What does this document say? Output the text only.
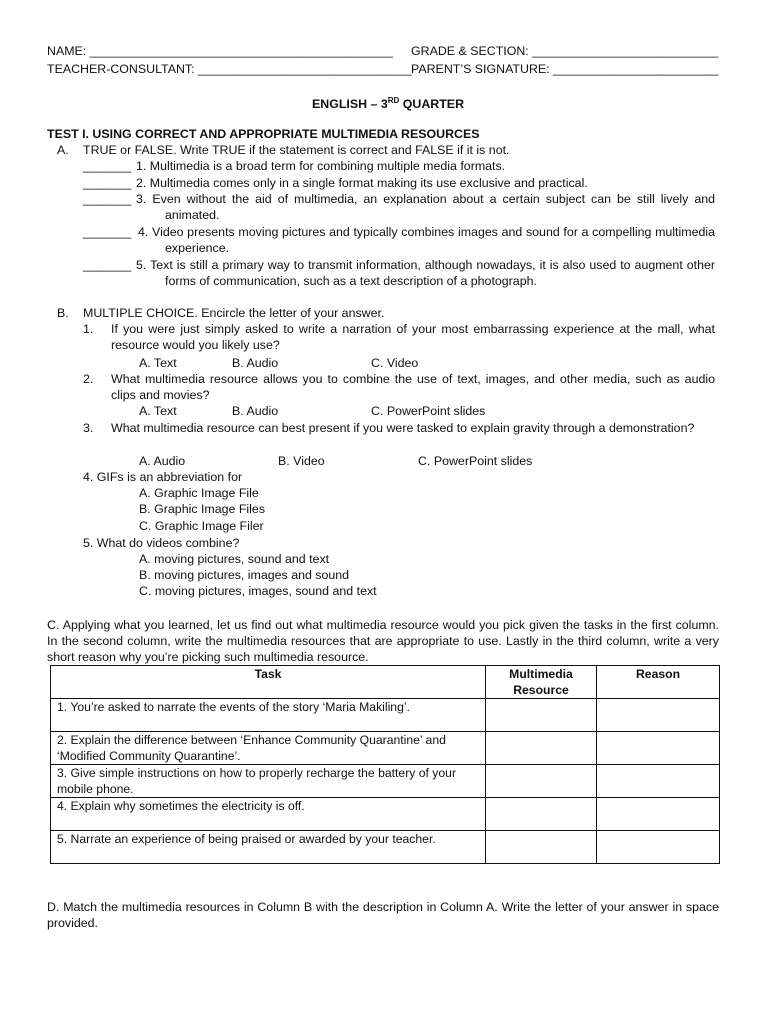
NAME: ____________________________________________ GRADE & SECTION: ___________________________
TEACHER-CONSULTANT: _______________________________ PARENT’S SIGNATURE: ________________________
ENGLISH – 3RD QUARTER
TEST I. USING CORRECT AND APPROPRIATE MULTIMEDIA RESOURCES
A. TRUE or FALSE. Write TRUE if the statement is correct and FALSE if it is not.
_______ 1. Multimedia is a broad term for combining multiple media formats.
_______ 2. Multimedia comes only in a single format making its use exclusive and practical.
_______ 3. Even without the aid of multimedia, an explanation about a certain subject can be still lively and animated.
_______ 4. Video presents moving pictures and typically combines images and sound for a compelling multimedia experience.
_______ 5. Text is still a primary way to transmit information, although nowadays, it is also used to augment other forms of communication, such as a text description of a photograph.
B. MULTIPLE CHOICE. Encircle the letter of your answer.
1. If you were just simply asked to write a narration of your most embarrassing experience at the mall, what resource would you likely use?
A. Text	B. Audio	C. Video
2. What multimedia resource allows you to combine the use of text, images, and other media, such as audio clips and movies?
A. Text	B. Audio	C. PowerPoint slides
3. What multimedia resource can best present if you were tasked to explain gravity through a demonstration?
A. Audio	B. Video	C. PowerPoint slides
4. GIFs is an abbreviation for
A. Graphic Image File
B. Graphic Image Files
C. Graphic Image Filer
5. What do videos combine?
A. moving pictures, sound and text
B. moving pictures, images and sound
C. moving pictures, images, sound and text
C. Applying what you learned, let us find out what multimedia resource would you pick given the tasks in the first column. In the second column, write the multimedia resources that are appropriate to use. Lastly in the third column, write a very short reason why you’re picking such multimedia resource.
Task	Multimedia Resource	Reason
1. You’re asked to narrate the events of the story ‘Maria Makiling’.		
2. Explain the difference between ‘Enhance Community Quarantine’ and ‘Modified Community Quarantine’.		
3. Give simple instructions on how to properly recharge the battery of your mobile phone.		
4. Explain why sometimes the electricity is off.		
5. Narrate an experience of being praised or awarded by your teacher.		
D. Match the multimedia resources in Column B with the description in Column A. Write the letter of your answer in space provided.
